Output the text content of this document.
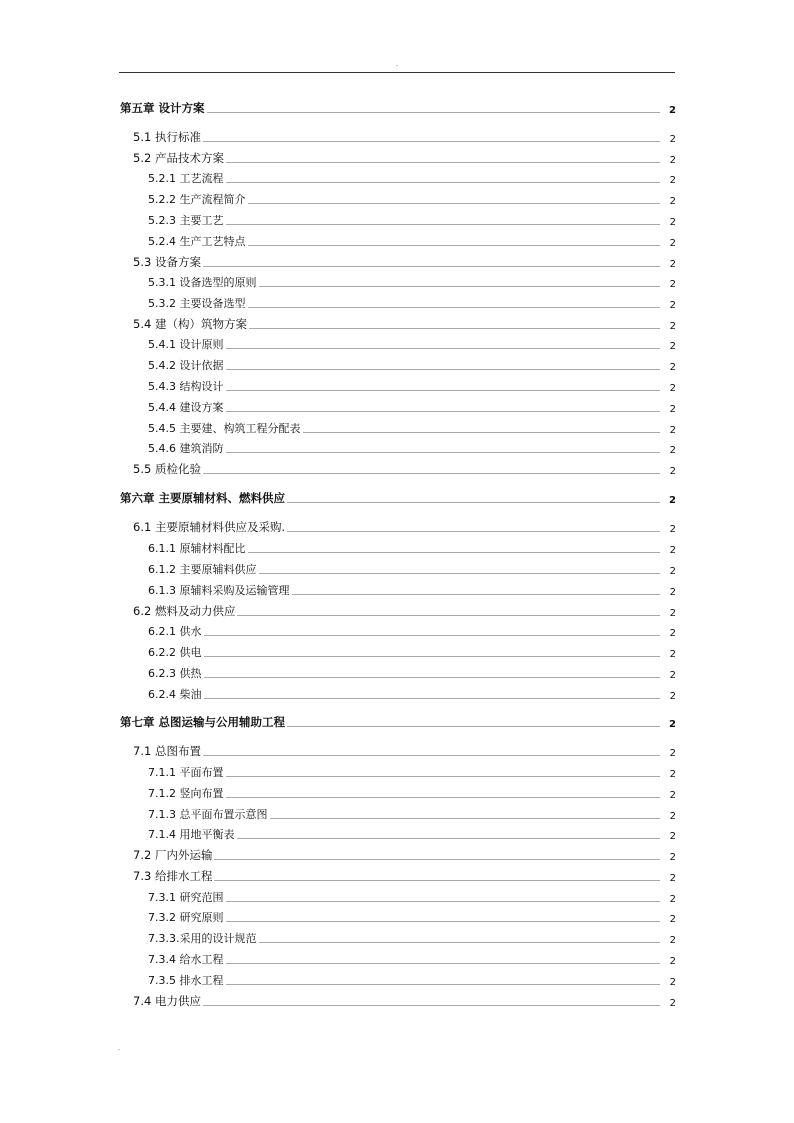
.
第五章 设计方案	2
5.1 执行标准	2
5.2 产品技术方案	2
5.2.1 工艺流程	2
5.2.2 生产流程简介	2
5.2.3 主要工艺	2
5.2.4 生产工艺特点	2
5.3 设备方案	2
5.3.1 设备选型的原则	2
5.3.2 主要设备选型	2
5.4 建（构）筑物方案	2
5.4.1 设计原则	2
5.4.2 设计依据	2
5.4.3 结构设计	2
5.4.4 建设方案	2
5.4.5 主要建、构筑工程分配表	2
5.4.6 建筑消防	2
5.5 质检化验	2
第六章 主要原辅材料、燃料供应	2
6.1 主要原辅材料供应及采购.	2
6.1.1 原辅材料配比	2
6.1.2 主要原辅料供应	2
6.1.3 原辅料采购及运输管理	2
6.2 燃料及动力供应	2
6.2.1 供水	2
6.2.2 供电	2
6.2.3 供热	2
6.2.4 柴油	2
第七章 总图运输与公用辅助工程	2
7.1 总图布置	2
7.1.1 平面布置	2
7.1.2 竖向布置	2
7.1.3 总平面布置示意图	2
7.1.4 用地平衡表	2
7.2 厂内外运输	2
7.3 给排水工程	2
7.3.1 研究范围	2
7.3.2 研究原则	2
7.3.3.采用的设计规范	2
7.3.4 给水工程	2
7.3.5 排水工程	2
7.4 电力供应	2
.
